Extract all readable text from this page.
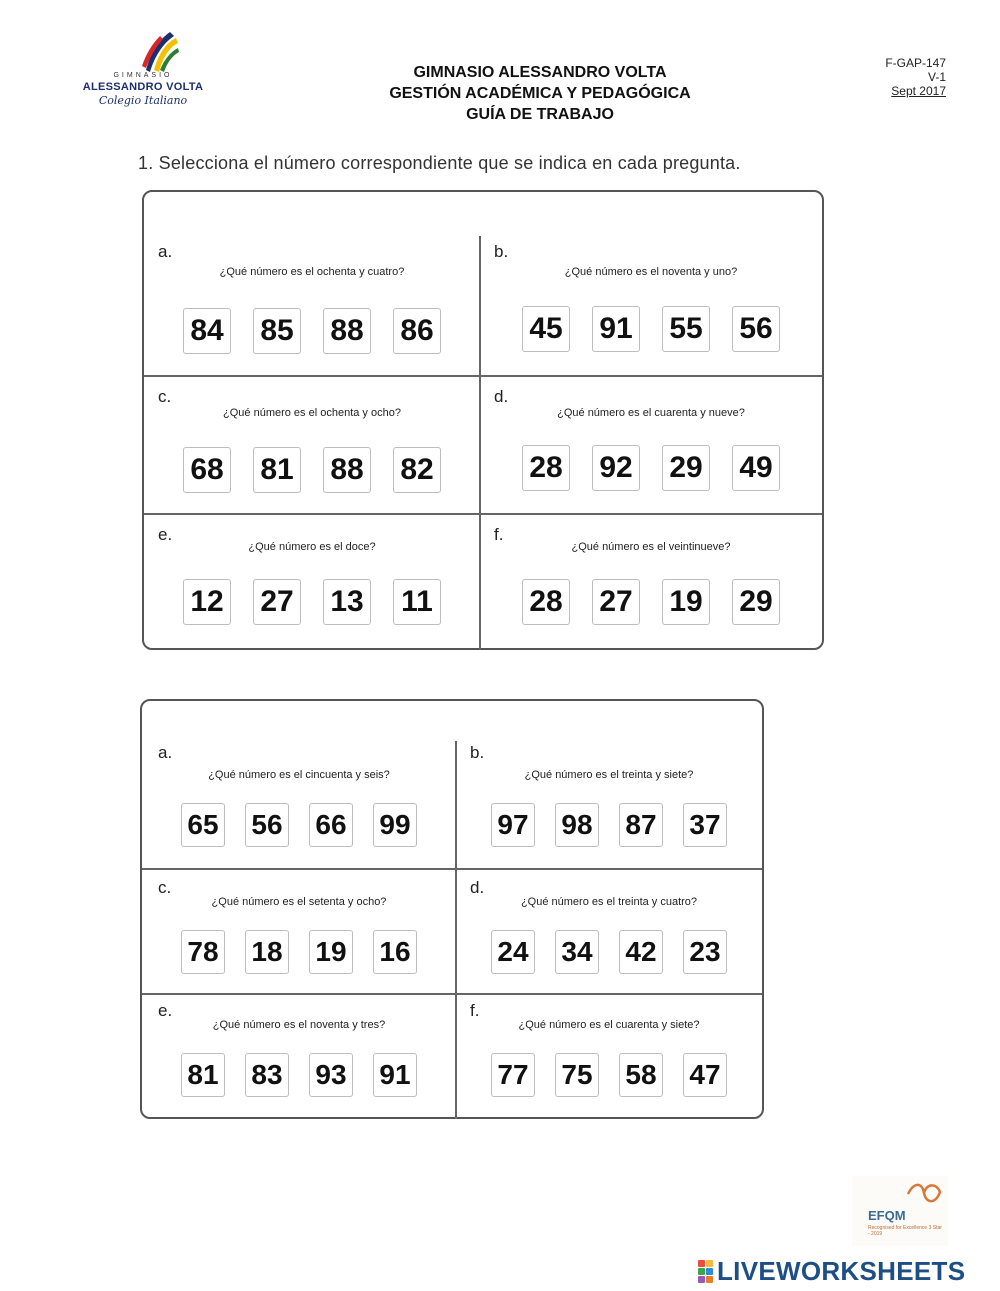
GIMNASIO
ALESSANDRO VOLTA
Colegio Italiano
GIMNASIO ALESSANDRO VOLTA
GESTIÓN ACADÉMICA Y PEDAGÓGICA
GUÍA DE TRABAJO
F-GAP-147
V-1
Sept 2017
1. Selecciona el número correspondiente que se indica en cada pregunta.
a.
¿Qué número es el ochenta y cuatro?
84 85 88 86
b.
¿Qué número es el noventa y uno?
45 91 55 56
c.
¿Qué número es el ochenta y ocho?
68 81 88 82
d.
¿Qué número es el cuarenta y nueve?
28 92 29 49
e.
¿Qué número es el doce?
12 27 13 11
f.
¿Qué número es el veintinueve?
28 27 19 29
a.
¿Qué número es el cincuenta y seis?
65 56 66 99
b.
¿Qué número es el treinta y siete?
97 98 87 37
c.
¿Qué número es el setenta y ocho?
78 18 19 16
d.
¿Qué número es el treinta y cuatro?
24 34 42 23
e.
¿Qué número es el noventa y tres?
81 83 93 91
f.
¿Qué número es el cuarenta y siete?
77 75 58 47
EFQM
Recognised for Excellence 3 Star - 2019
LIVEWORKSHEETS
